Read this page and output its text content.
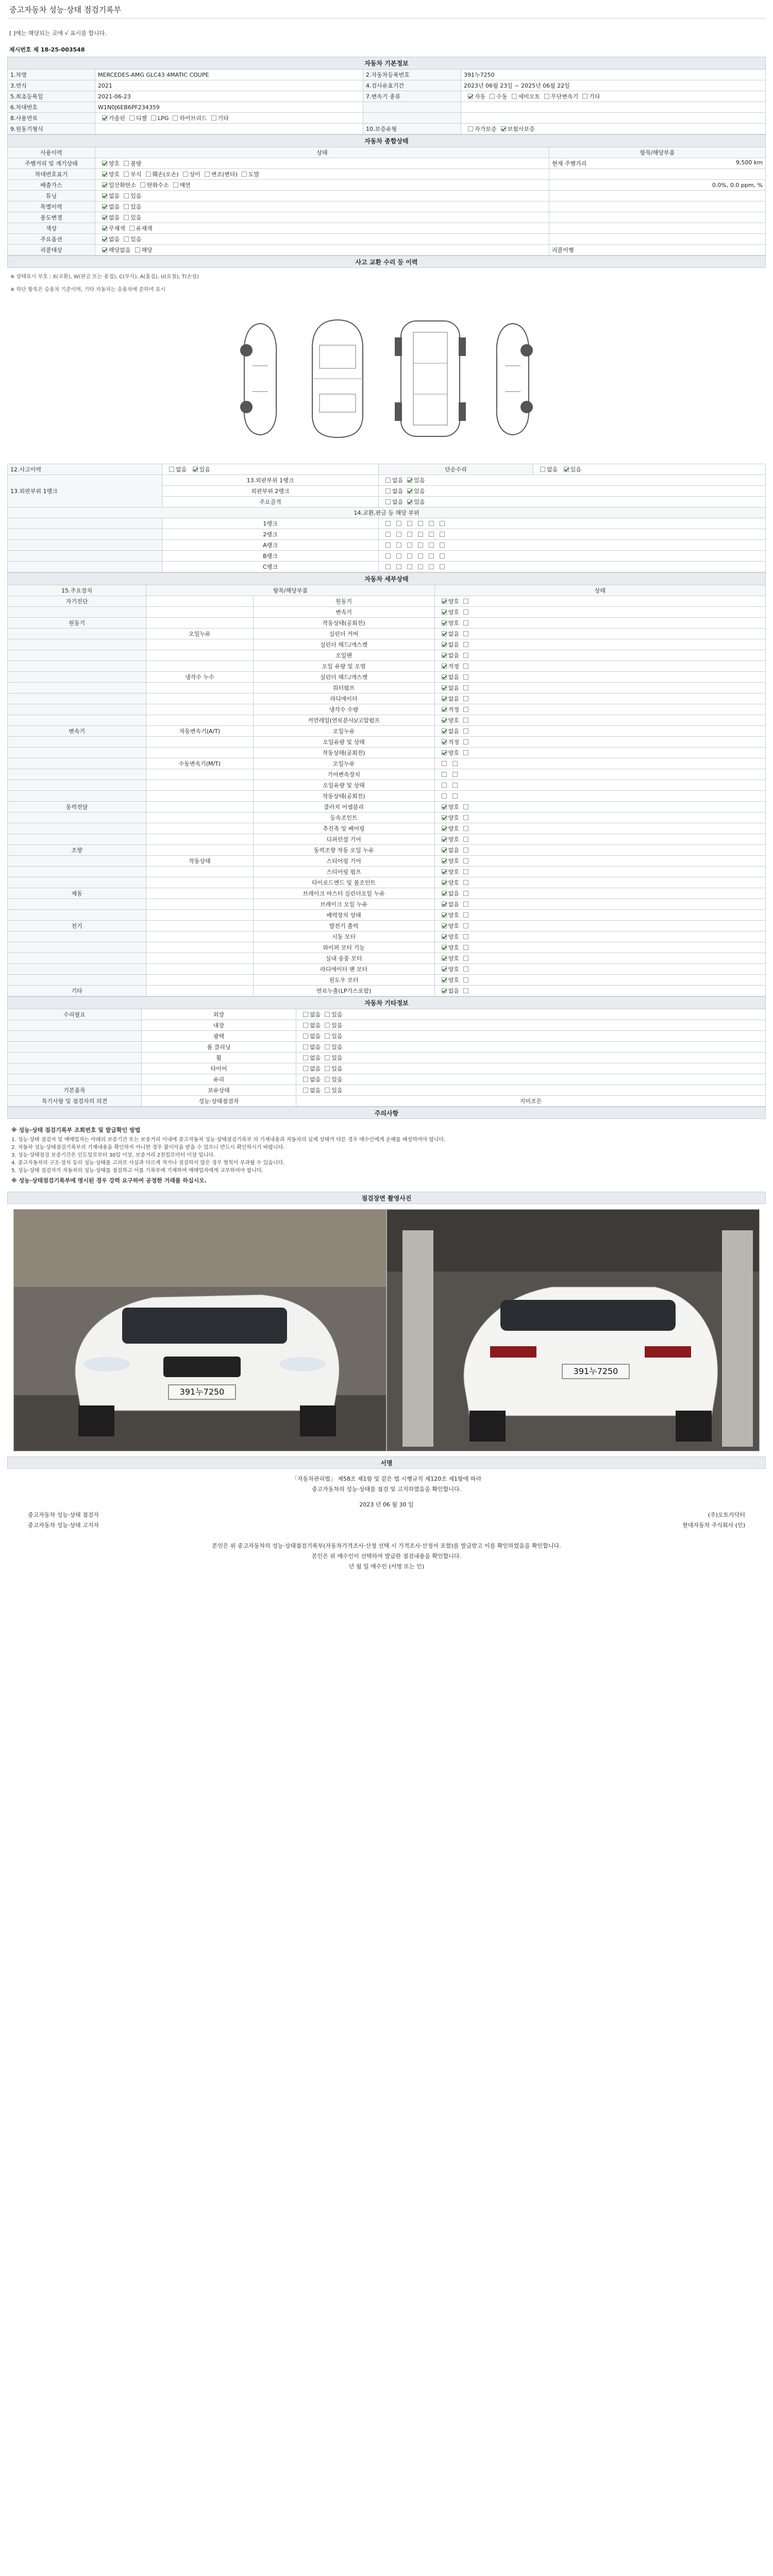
중고자동차 성능·상태 점검기록부
[ ]에는 해당되는 곳에 √ 표시를 합니다.
제시번호 제 18-25-003548
자동차 기본정보			
1.차명	MERCEDES-AMG GLC43 4MATIC COUPE	2.자동차등록번호	391누7250
3.연식	2021	4.검사유효기간	2023년 06월 23일 ~ 2025년 06월 22일
5.최초등록일	2021-06-23	7.변속기 종류	자동 수동 세미오토 무단변속기 기타
6.차대번호	W1N0J6EB6PF234359		
8.사용연료	가솔린 디젤 LPG 하이브리드 기타		
9.원동기형식		10.보증유형	자가보증 보험사보증
자동차 종합상태		
사용이력	상태	항목/해당부품
주행거리 및 계기상태	양호 불량	현재 주행거리 9,500 km

차대번호표기	양호 부식 훼손(오손) 상이 변조(변타) 도말	

배출가스	일산화탄소 탄화수소 매연	0.0%, 0.0 ppm, %

튜닝	없음 있음	

특별이력	없음 있음	

용도변경	없음 있음	

색상	무채색 유채색	

주요옵션	없음 있음	

리콜대상	해당없음 해당	리콜이행
사고 교환 수리 등 이력
※ 상태표시 부호 : X(교환), W(판금 또는 용접), C(부식), A(흠집), U(요철), T(손상)
※ 하단 항목은 승용차 기준이며, 기타 자동차는 승용차에 준하여 표시
12.사고이력	없음 있음	단순수리	없음 있음
13.외판부위 1랭크	13.외판부위 1랭크	없음 있음	
	외판부위 2랭크	없음 있음	
	주요골격	없음 있음	
14.교환,판금 등 해당 부위			
	1랭크		
	2랭크		
	A랭크		
	B랭크		
	C랭크		
자동차 세부상태			
15.주요장치	항목/해당부품		상태
자기진단		원동기	양호
		변속기	양호
원동기		작동상태(공회전)	양호
	오일누유	실린더 커버	없음
		실린더 헤드/개스켓	없음
		오일팬	없음
		오일 유량 및 오염	적정
	냉각수 누수	실린더 헤드/개스켓	없음
		워터펌프	없음
		라디에이터	없음
		냉각수 수량	적정
		커먼레일(연료분사)/고압펌프	양호
변속기	자동변속기(A/T)	오일누유	없음
		오일유량 및 상태	적정
		작동상태(공회전)	양호
	수동변속기(M/T)	오일누유	
		기어변속장치	
		오일유량 및 상태	
		작동상태(공회전)	
동력전달		클러치 어셈블리	양호
		등속조인트	양호
		추진축 및 베어링	양호
		디퍼런셜 기어	양호
조향		동력조향 작동 오일 누유	없음
	작동상태	스티어링 기어	양호
		스티어링 펌프	양호
		타이로드엔드 및 볼조인트	양호
제동		브레이크 마스터 실린더오일 누유	없음
		브레이크 오일 누유	없음
		배력장치 상태	양호
전기		발전기 출력	양호
		시동 모터	양호
		와이퍼 모터 기능	양호
		실내 송풍 모터	양호
		라디에이터 팬 모터	양호
		윈도우 모터	양호
기타		연료누출(LP가스포함)	없음
자동차 기타정보		
수리필요	외장	없음 있음
	내장	없음 있음
	광택	없음 있음
	룸 클리닝	없음 있음
	휠	없음 있음
	타이어	없음 있음
	유리	없음 있음
기본품목	보유상태	없음 있음
특기사항 및 점검자의 의견	성능·상태점검자	지미조은
주의사항
※ 성능·상태 점검기록부 조회번호 및 발급확인 방법
1. 성능·상태 점검자 및 매매업자는 아래의 보증기간 또는 보증거리 이내에 중고자동차 성능·상태점검기록부 의 기재내용과 자동차의 실제 상태가 다른 경우 매수인에게 손해를 배상하여야 합니다.
2. 자동차 성능·상태점검기록부의 기재내용을 확인하지 아니한 경우 불이익을 받을 수 있으니 반드시 확인하시기 바랍니다.
3. 성능·상태점검 보증기간은 인도일로부터 30일 이상, 보증거리 2천킬로미터 이상 입니다.
4. 중고자동차의 구조·장치 등의 성능·상태를 고의로 사실과 다르게 적거나 점검하지 않은 경우 벌칙이 부과될 수 있습니다.
5. 성능·상태 점검자가 자동차의 성능·상태를 점검하고 이를 기록부에 기재하여 매매업자에게 교부하여야 합니다.
※ 성능·상태점검기록부에 명시된 경우 강력 요구하여 공정한 거래를 하십시오.
점검장면 촬영사진
391누7250
391누7250
서명
「자동차관리법」 제58조 제1항 및 같은 법 시행규칙 제120조 제1항에 따라
중고자동차의 성능·상태를 점검 및 고지하였음을 확인합니다.
2023 년 06 월 30 일
중고자동차 성능·상태 점검자	(주)오토카닥터
중고자동차 성능·상태 고지자	현대자동차 주식회사 (인)
본인은 위 중고자동차의 성능·상태점검기록부(자동차가격조사·산정 선택 시 가격조사·산정서 포함)를 발급받고 이를 확인하였음을 확인합니다.
본인은 위 매수인이 선택하여 발급한 점검내용을 확인합니다.
년 월 일 매수인 (서명 또는 인)
